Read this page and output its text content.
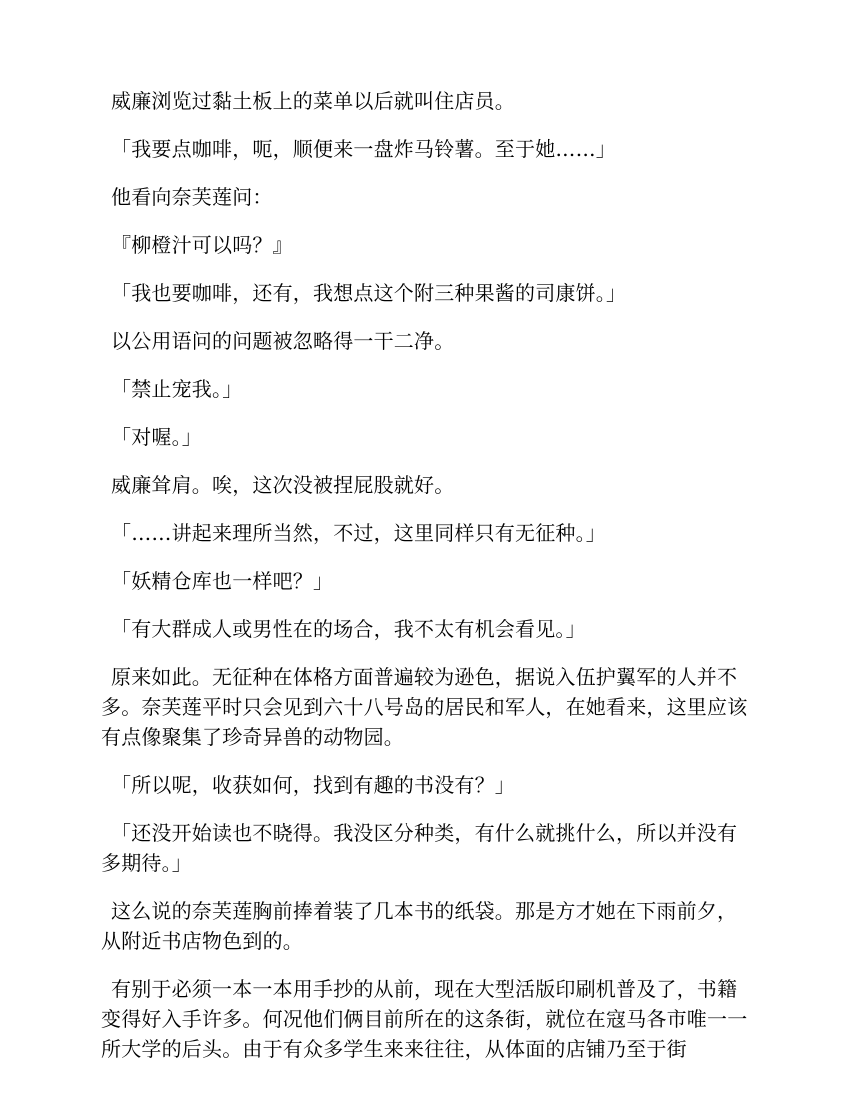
威廉浏览过黏土板上的菜单以后就叫住店员。

「我要点咖啡，呃，顺便来一盘炸马铃薯。至于她……」

他看向奈芙莲问：

『柳橙汁可以吗？』

「我也要咖啡，还有，我想点这个附三种果酱的司康饼。」

以公用语问的问题被忽略得一干二净。

「禁止宠我。」

「对喔。」

威廉耸肩。唉，这次没被捏屁股就好。

「……讲起来理所当然，不过，这里同样只有无征种。」

「妖精仓库也一样吧？」

「有大群成人或男性在的场合，我不太有机会看见。」

原来如此。无征种在体格方面普遍较为逊色，据说入伍护翼军的人并不多。奈芙莲平时只会见到六十八号岛的居民和军人，在她看来，这里应该有点像聚集了珍奇异兽的动物园。

「所以呢，收获如何，找到有趣的书没有？」

「还没开始读也不晓得。我没区分种类，有什么就挑什么，所以并没有多期待。」

这么说的奈芙莲胸前捧着装了几本书的纸袋。那是方才她在下雨前夕，从附近书店物色到的。

有别于必须一本一本用手抄的从前，现在大型活版印刷机普及了，书籍变得好入手许多。何况他们俩目前所在的这条街，就位在寇马各市唯一一所大学的后头。由于有众多学生来来往往，从体面的店铺乃至于街
